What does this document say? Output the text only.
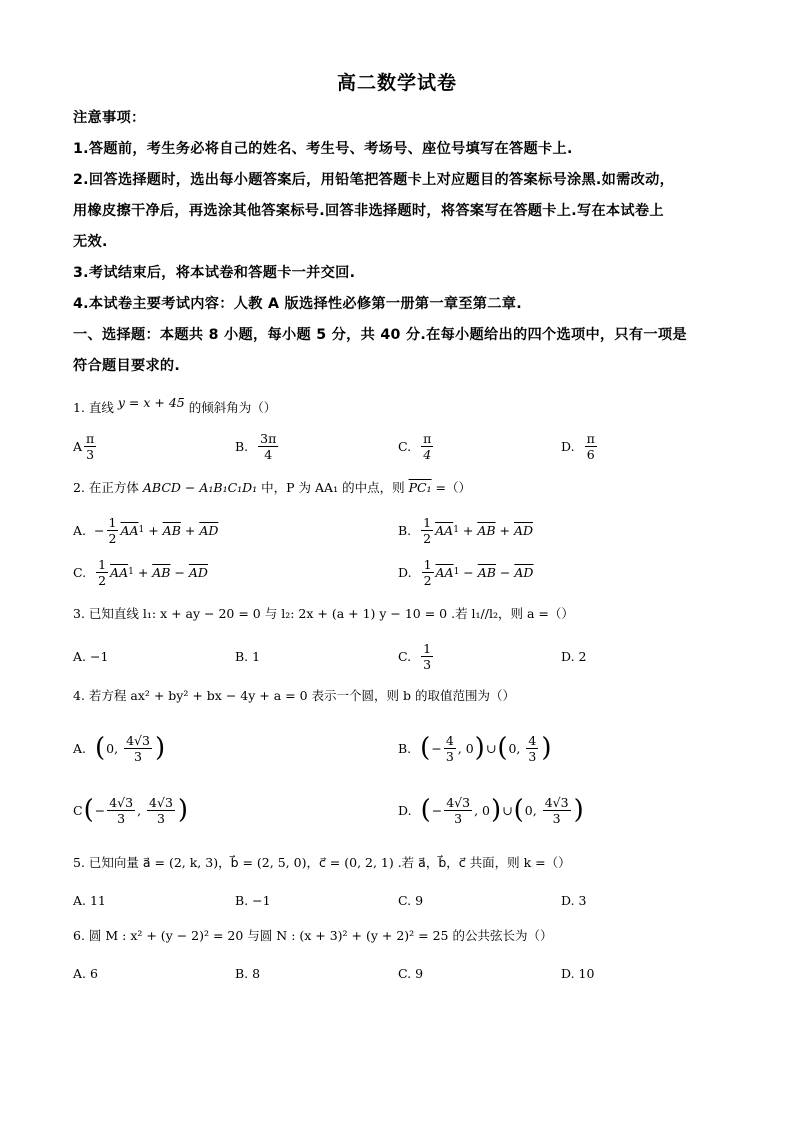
高二数学试卷
注意事项：
1.答题前，考生务必将自己的姓名、考生号、考场号、座位号填写在答题卡上.
2.回答选择题时，选出每小题答案后，用铅笔把答题卡上对应题目的答案标号涂黑.如需改动，
用橡皮擦干净后，再选涂其他答案标号.回答非选择题时，将答案写在答题卡上.写在本试卷上
无效.
3.考试结束后，将本试卷和答题卡一并交回.
4.本试卷主要考试内容：人教 A 版选择性必修第一册第一章至第二章.
一、选择题：本题共 8 小题，每小题 5 分，共 40 分.在每小题给出的四个选项中，只有一项是
符合题目要求的.
1. 直线 y = x + 45 的倾斜角为（）
A $\frac{\pi}{3}$	B. $\frac{3\pi}{4}$	C. $\frac{\pi}{4}$	D. $\frac{\pi}{6}$
2. 在正方体 ABCD − A₁B₁C₁D₁ 中，P 为 AA₁ 的中点，则 PC₁ =（）
A. − $\frac{1}{2} \overline{AA}$ $1 + \overline{AB} + \overline{AD}$	B. $\frac{1}{2} \overline{AA}$ $1 + \overline{AB} + \overline{AD}$
C. $\frac{1}{2} \overline{AA}$ $1 + \overline{AB} - \overline{AD}$	D. $\frac{1}{2} \overline{AA}$ $1 - \overline{AB} - \overline{AD}$
3. 已知直线 l₁: x + ay − 20 = 0 与 l₂: 2x + (a + 1) y − 10 = 0 .若 l₁//l₂，则 a =（）
A. −1	B. 1	C. $\frac{1}{3}$	D. 2
4. 若方程 ax² + by² + bx − 4y + a = 0 表示一个圆，则 b 的取值范围为（）
A. ( 0, $\frac{4√3}{3}$ )	B. ( − $\frac{4}{3}$ , 0 ) ∪ ( 0, $\frac{4}{3}$ )
C ( − $\frac{4√3}{3}$ , $\frac{4√3}{3}$ )	D. ( − $\frac{4√3}{3}$ , 0 ) ∪ ( 0, $\frac{4√3}{3}$ )
5. 已知向量 a⃗ = (2, k, 3)，b⃗ = (2, 5, 0)，c⃗ = (0, 2, 1) .若 a⃗，b⃗，c⃗ 共面，则 k =（）
A. 11	B. −1	C. 9	D. 3
6. 圆 M : x² + (y − 2)² = 20 与圆 N : (x + 3)² + (y + 2)² = 25 的公共弦长为（）
A. 6	B. 8	C. 9	D. 10
